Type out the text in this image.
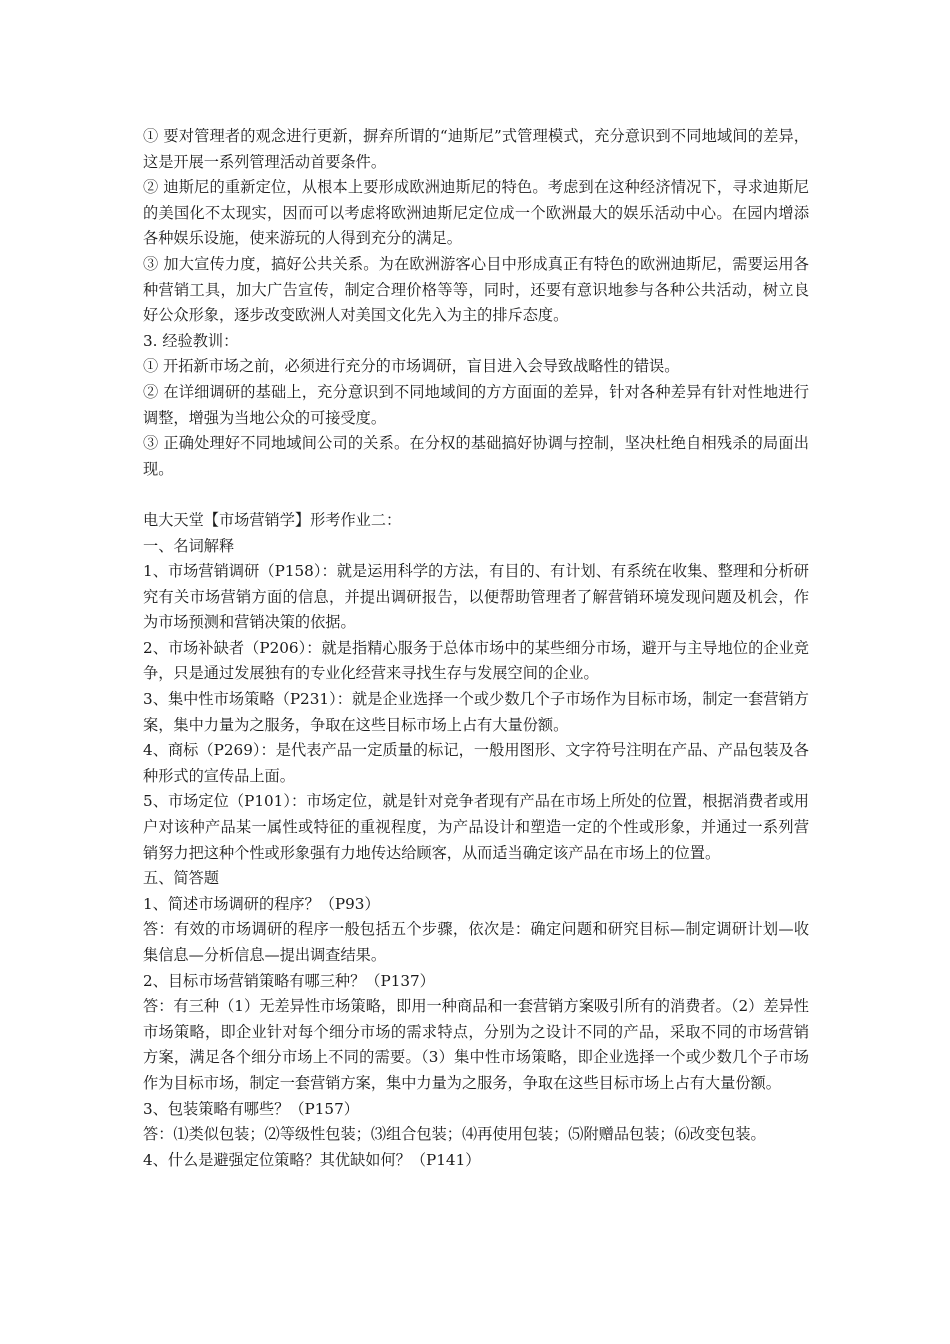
① 要对管理者的观念进行更新，摒弃所谓的“迪斯尼”式管理模式，充分意识到不同地域间的差异，这是开展一系列管理活动首要条件。

② 迪斯尼的重新定位，从根本上要形成欧洲迪斯尼的特色。考虑到在这种经济情况下，寻求迪斯尼的美国化不太现实，因而可以考虑将欧洲迪斯尼定位成一个欧洲最大的娱乐活动中心。在园内增添各种娱乐设施，使来游玩的人得到充分的满足。

③ 加大宣传力度，搞好公共关系。为在欧洲游客心目中形成真正有特色的欧洲迪斯尼，需要运用各种营销工具，加大广告宣传，制定合理价格等等，同时，还要有意识地参与各种公共活动，树立良好公众形象，逐步改变欧洲人对美国文化先入为主的排斥态度。

3. 经验教训：

① 开拓新市场之前，必须进行充分的市场调研，盲目进入会导致战略性的错误。

② 在详细调研的基础上，充分意识到不同地域间的方方面面的差异，针对各种差异有针对性地进行调整，增强为当地公众的可接受度。

③ 正确处理好不同地域间公司的关系。在分权的基础搞好协调与控制，坚决杜绝自相残杀的局面出现。

电大天堂【市场营销学】形考作业二：

一、名词解释

1、市场营销调研（P158）：就是运用科学的方法，有目的、有计划、有系统在收集、整理和分析研究有关市场营销方面的信息，并提出调研报告，以便帮助管理者了解营销环境发现问题及机会，作为市场预测和营销决策的依据。

2、市场补缺者（P206）：就是指精心服务于总体市场中的某些细分市场，避开与主导地位的企业竞争，只是通过发展独有的专业化经营来寻找生存与发展空间的企业。

3、集中性市场策略（P231）：就是企业选择一个或少数几个子市场作为目标市场，制定一套营销方案，集中力量为之服务，争取在这些目标市场上占有大量份额。

4、商标（P269）：是代表产品一定质量的标记，一般用图形、文字符号注明在产品、产品包装及各种形式的宣传品上面。

5、市场定位（P101）：市场定位，就是针对竞争者现有产品在市场上所处的位置，根据消费者或用户对该种产品某一属性或特征的重视程度，为产品设计和塑造一定的个性或形象，并通过一系列营销努力把这种个性或形象强有力地传达给顾客，从而适当确定该产品在市场上的位置。

五、简答题

1、简述市场调研的程序？（P93）

答：有效的市场调研的程序一般包括五个步骤，依次是：确定问题和研究目标—制定调研计划—收集信息—分析信息—提出调查结果。

2、目标市场营销策略有哪三种？（P137）

答：有三种（1）无差异性市场策略，即用一种商品和一套营销方案吸引所有的消费者。（2）差异性市场策略，即企业针对每个细分市场的需求特点，分别为之设计不同的产品，采取不同的市场营销方案，满足各个细分市场上不同的需要。（3）集中性市场策略，即企业选择一个或少数几个子市场作为目标市场，制定一套营销方案，集中力量为之服务，争取在这些目标市场上占有大量份额。

3、包装策略有哪些？（P157）

答：⑴类似包装；⑵等级性包装；⑶组合包装；⑷再使用包装；⑸附赠品包装；⑹改变包装。

4、什么是避强定位策略？其优缺如何？（P141）
